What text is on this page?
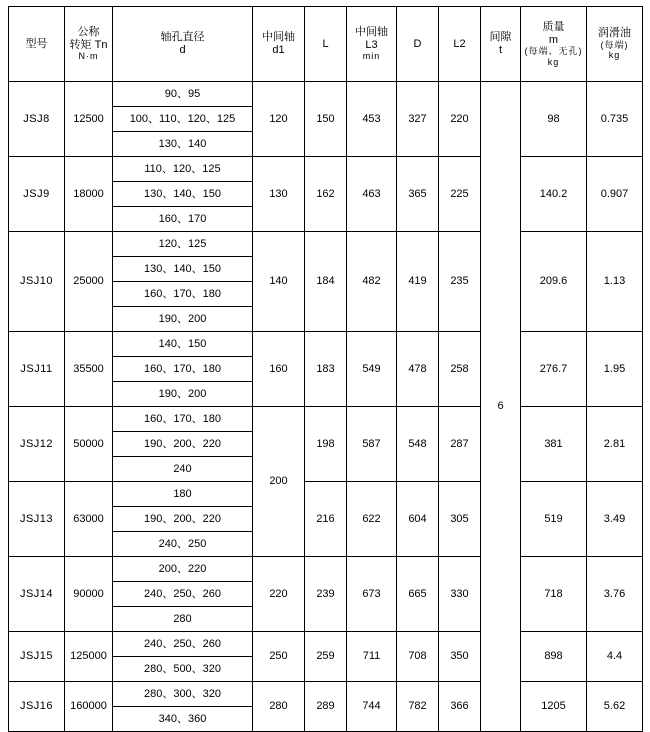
型号	公称
转矩 Tn
N·m	轴孔直径
d	中间轴
d1	L	中间轴
L3
min	D	L2	间隙
t	质量
m
(每端、无孔)
kg	润滑油
(每端)
kg

JSJ8	12500	90、95	120	150	453	327	220	6	98	0.735
		100、110、120、125								
		130、140								
JSJ9	18000	110、120、125	130	162	463	365	225		140.2	0.907
		130、140、150								
		160、170								
JSJ10	25000	120、125	140	184	482	419	235		209.6	1.13
		130、140、150								
		160、170、180								
		190、200								
JSJ11	35500	140、150	160	183	549	478	258		276.7	1.95
		160、170、180								
		190、200								
JSJ12	50000	160、170、180	200	198	587	548	287		381	2.81
		190、200、220								
		240								
JSJ13	63000	180		216	622	604	305		519	3.49
		190、200、220								
		240、250								
JSJ14	90000	200、220	220	239	673	665	330		718	3.76
		240、250、260								
		280								
JSJ15	125000	240、250、260	250	259	711	708	350		898	4.4
		280、500、320								
JSJ16	160000	280、300、320	280	289	744	782	366		1205	5.62
		340、360								
